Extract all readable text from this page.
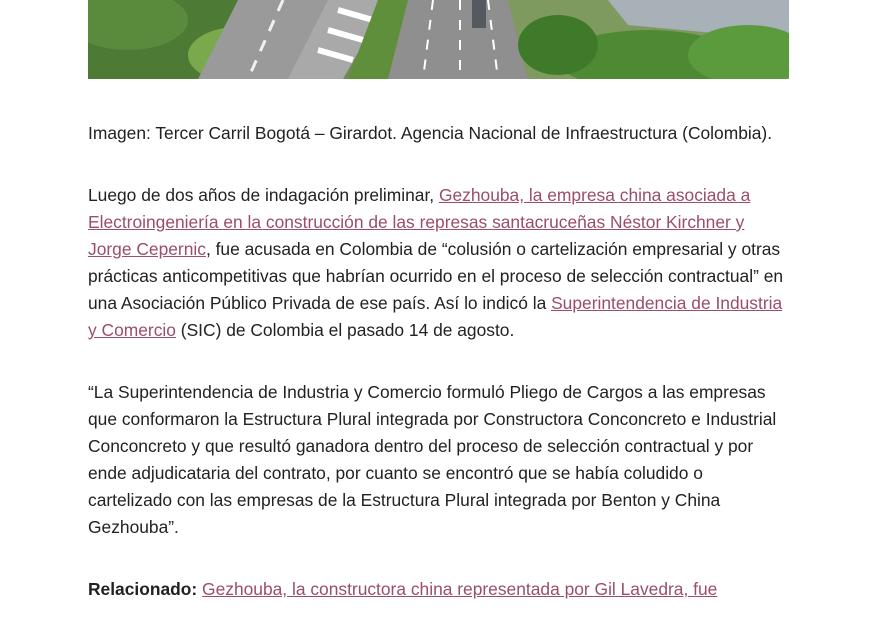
Imagen: Tercer Carril Bogotá – Girardot. Agencia Nacional de Infraestructura (Colombia).

Luego de dos años de indagación preliminar, Gezhouba, la empresa china asociada a Electroingeniería en la construcción de las represas santacruceñas Néstor Kirchner y Jorge Cepernic, fue acusada en Colombia de “colusión o cartelización empresarial y otras prácticas anticompetitivas que habrían ocurrido en el proceso de selección contractual” en una Asociación Público Privada de ese país. Así lo indicó la Superintendencia de Industria y Comercio (SIC) de Colombia el pasado 14 de agosto.

“La Superintendencia de Industria y Comercio formuló Pliego de Cargos a las empresas que conformaron la Estructura Plural integrada por Constructora Conconcreto e Industrial Conconcreto y que resultó ganadora dentro del proceso de selección contractual y por ende adjudicataria del contrato, por cuanto se encontró que se había coludido o cartelizado con las empresas de la Estructura Plural integrada por Benton y China Gezhouba”.

Relacionado: Gezhouba, la constructora china representada por Gil Lavedra, fue
